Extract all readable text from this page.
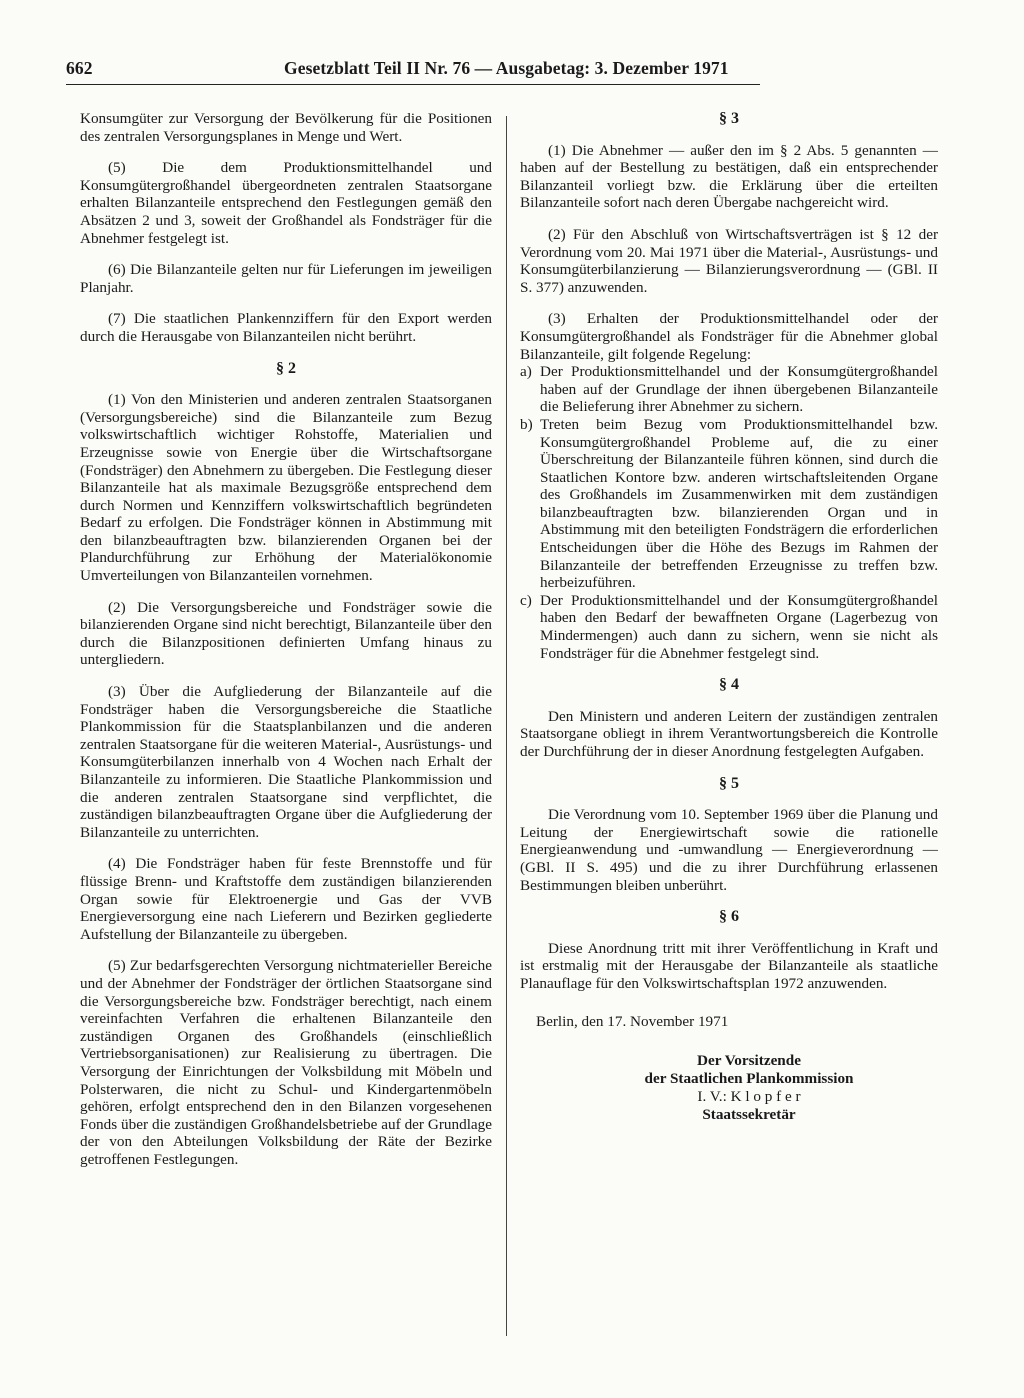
662	Gesetzblatt Teil II Nr. 76 — Ausgabetag: 3. Dezember 1971

Konsumgüter zur Versorgung der Bevölkerung für die Positionen des zentralen Versorgungsplanes in Menge und Wert.

(5) Die dem Produktionsmittelhandel und Konsumgütergroßhandel übergeordneten zentralen Staatsorgane erhalten Bilanzanteile entsprechend den Festlegungen gemäß den Absätzen 2 und 3, soweit der Großhandel als Fondsträger für die Abnehmer festgelegt ist.

(6) Die Bilanzanteile gelten nur für Lieferungen im jeweiligen Planjahr.

(7) Die staatlichen Plankennziffern für den Export werden durch die Herausgabe von Bilanzanteilen nicht berührt.

§ 2

(1) Von den Ministerien und anderen zentralen Staatsorganen (Versorgungsbereiche) sind die Bilanzanteile zum Bezug volkswirtschaftlich wichtiger Rohstoffe, Materialien und Erzeugnisse sowie von Energie über die Wirtschaftsorgane (Fondsträger) den Abnehmern zu übergeben. Die Festlegung dieser Bilanzanteile hat als maximale Bezugsgröße entsprechend dem durch Normen und Kennziffern volkswirtschaftlich begründeten Bedarf zu erfolgen. Die Fondsträger können in Abstimmung mit den bilanzbeauftragten bzw. bilanzierenden Organen bei der Plandurchführung zur Erhöhung der Materialökonomie Umverteilungen von Bilanzanteilen vornehmen.

(2) Die Versorgungsbereiche und Fondsträger sowie die bilanzierenden Organe sind nicht berechtigt, Bilanzanteile über den durch die Bilanzpositionen definierten Umfang hinaus zu untergliedern.

(3) Über die Aufgliederung der Bilanzanteile auf die Fondsträger haben die Versorgungsbereiche die Staatliche Plankommission für die Staatsplanbilanzen und die anderen zentralen Staatsorgane für die weiteren Material-, Ausrüstungs- und Konsumgüterbilanzen innerhalb von 4 Wochen nach Erhalt der Bilanzanteile zu informieren. Die Staatliche Plankommission und die anderen zentralen Staatsorgane sind verpflichtet, die zuständigen bilanzbeauftragten Organe über die Aufgliederung der Bilanzanteile zu unterrichten.

(4) Die Fondsträger haben für feste Brennstoffe und für flüssige Brenn- und Kraftstoffe dem zuständigen bilanzierenden Organ sowie für Elektroenergie und Gas der VVB Energieversorgung eine nach Lieferern und Bezirken gegliederte Aufstellung der Bilanzanteile zu übergeben.

(5) Zur bedarfsgerechten Versorgung nichtmaterieller Bereiche und der Abnehmer der Fondsträger der örtlichen Staatsorgane sind die Versorgungsbereiche bzw. Fondsträger berechtigt, nach einem vereinfachten Verfahren die erhaltenen Bilanzanteile den zuständigen Organen des Großhandels (einschließlich Vertriebsorganisationen) zur Realisierung zu übertragen. Die Versorgung der Einrichtungen der Volksbildung mit Möbeln und Polsterwaren, die nicht zu Schul- und Kindergartenmöbeln gehören, erfolgt entsprechend den in den Bilanzen vorgesehenen Fonds über die zuständigen Großhandelsbetriebe auf der Grundlage der von den Abteilungen Volksbildung der Räte der Bezirke getroffenen Festlegungen.

§ 3

(1) Die Abnehmer — außer den im § 2 Abs. 5 genannten — haben auf der Bestellung zu bestätigen, daß ein entsprechender Bilanzanteil vorliegt bzw. die Erklärung über die erteilten Bilanzanteile sofort nach deren Übergabe nachgereicht wird.

(2) Für den Abschluß von Wirtschaftsverträgen ist § 12 der Verordnung vom 20. Mai 1971 über die Material-, Ausrüstungs- und Konsumgüterbilanzierung — Bilanzierungsverordnung — (GBl. II S. 377) anzuwenden.

(3) Erhalten der Produktionsmittelhandel oder der Konsumgütergroßhandel als Fondsträger für die Abnehmer global Bilanzanteile, gilt folgende Regelung:

a) Der Produktionsmittelhandel und der Konsumgütergroßhandel haben auf der Grundlage der ihnen übergebenen Bilanzanteile die Belieferung ihrer Abnehmer zu sichern.
b) Treten beim Bezug vom Produktionsmittelhandel bzw. Konsumgütergroßhandel Probleme auf, die zu einer Überschreitung der Bilanzanteile führen können, sind durch die Staatlichen Kontore bzw. anderen wirtschaftsleitenden Organe des Großhandels im Zusammenwirken mit dem zuständigen bilanzbeauftragten bzw. bilanzierenden Organ und in Abstimmung mit den beteiligten Fondsträgern die erforderlichen Entscheidungen über die Höhe des Bezugs im Rahmen der Bilanzanteile der betreffenden Erzeugnisse zu treffen bzw. herbeizuführen.
c) Der Produktionsmittelhandel und der Konsumgütergroßhandel haben den Bedarf der bewaffneten Organe (Lagerbezug von Mindermengen) auch dann zu sichern, wenn sie nicht als Fondsträger für die Abnehmer festgelegt sind.
§ 4

Den Ministern und anderen Leitern der zuständigen zentralen Staatsorgane obliegt in ihrem Verantwortungsbereich die Kontrolle der Durchführung der in dieser Anordnung festgelegten Aufgaben.

§ 5

Die Verordnung vom 10. September 1969 über die Planung und Leitung der Energiewirtschaft sowie die rationelle Energieanwendung und -umwandlung — Energieverordnung — (GBl. II S. 495) und die zu ihrer Durchführung erlassenen Bestimmungen bleiben unberührt.

§ 6

Diese Anordnung tritt mit ihrer Veröffentlichung in Kraft und ist erstmalig mit der Herausgabe der Bilanzanteile als staatliche Planauflage für den Volkswirtschaftsplan 1972 anzuwenden.

Berlin, den 17. November 1971

Der Vorsitzende
der Staatlichen Plankommission
I. V.: K l o p f e r
Staatssekretär
